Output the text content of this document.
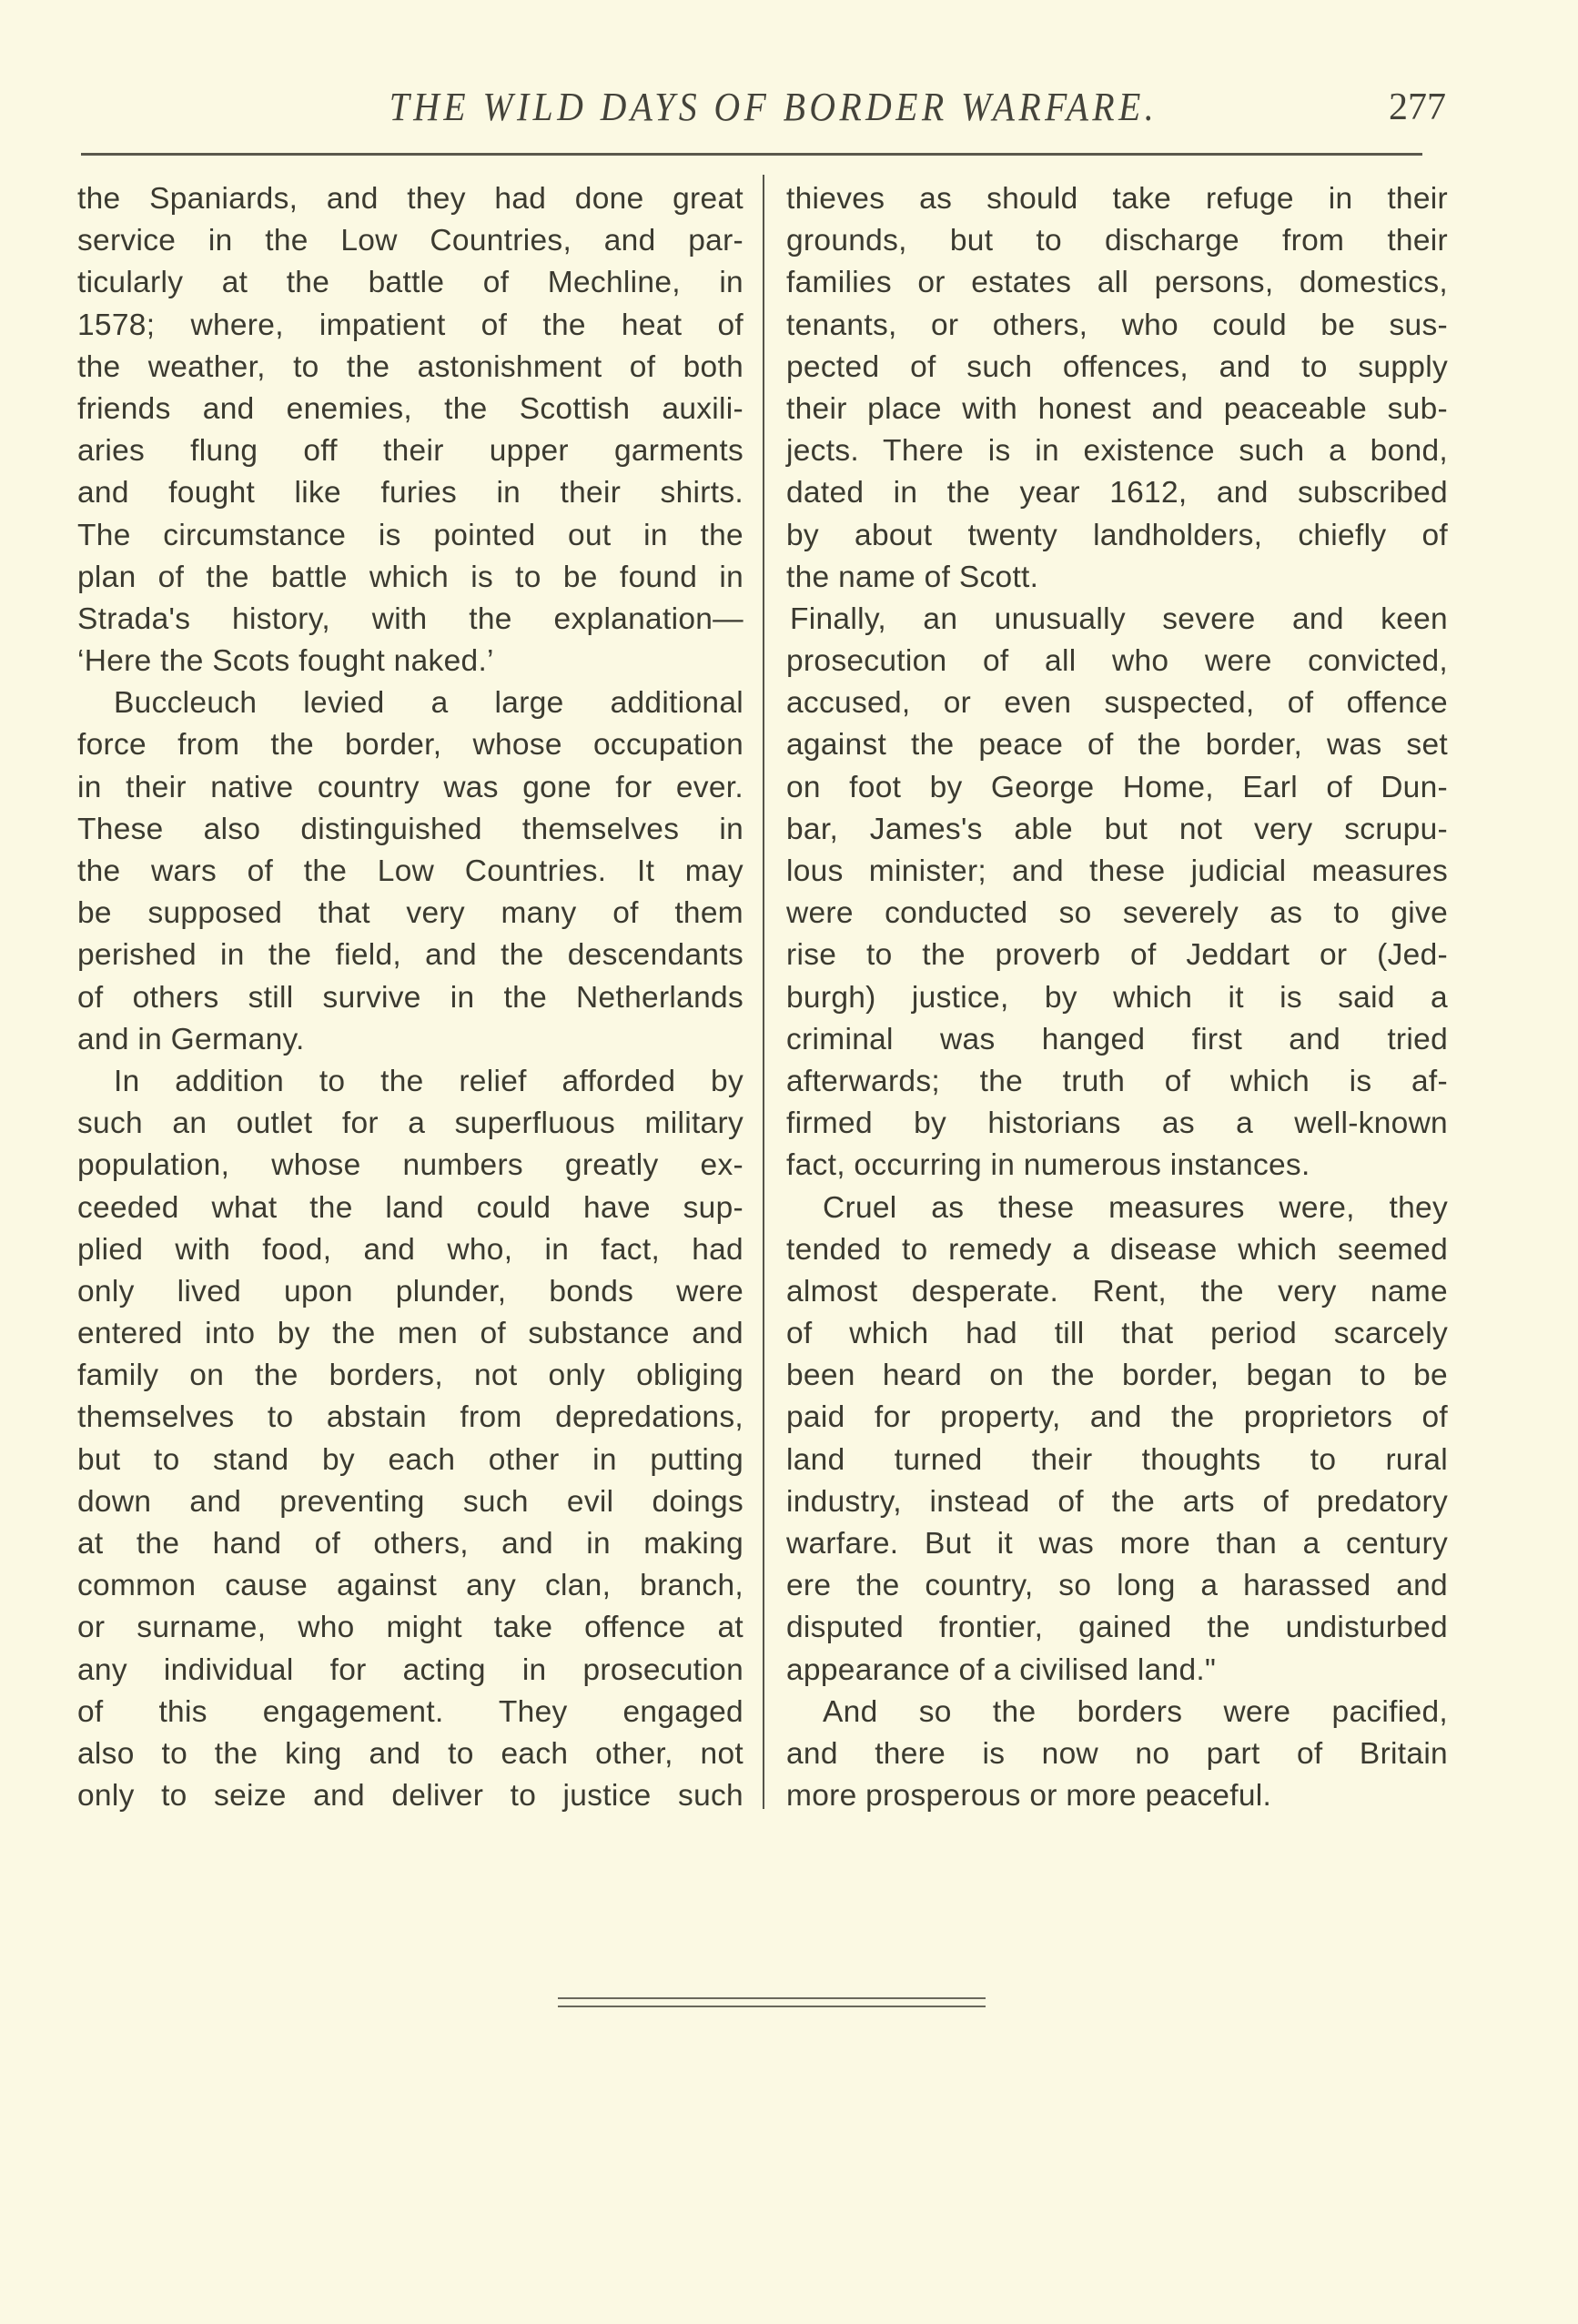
THE WILD DAYS OF BORDER WARFARE.	277
the Spaniards, and they had done great
service in the Low Countries, and par-
ticularly at the battle of Mechline, in
1578; where, impatient of the heat of
the weather, to the astonishment of both
friends and enemies, the Scottish auxili-
aries flung off their upper garments
and fought like furies in their shirts.
The circumstance is pointed out in the
plan of the battle which is to be found in
Strada's history, with the explanation—
‘Here the Scots fought naked.’
Buccleuch levied a large additional
force from the border, whose occupation
in their native country was gone for ever.
These also distinguished themselves in
the wars of the Low Countries. It may
be supposed that very many of them
perished in the field, and the descendants
of others still survive in the Netherlands
and in Germany.
In addition to the relief afforded by
such an outlet for a superfluous military
population, whose numbers greatly ex-
ceeded what the land could have sup-
plied with food, and who, in fact, had
only lived upon plunder, bonds were
entered into by the men of substance and
family on the borders, not only obliging
themselves to abstain from depredations,
but to stand by each other in putting
down and preventing such evil doings
at the hand of others, and in making
common cause against any clan, branch,
or surname, who might take offence at
any individual for acting in prosecution
of this engagement. They engaged
also to the king and to each other, not
only to seize and deliver to justice such
thieves as should take refuge in their
grounds, but to discharge from their
families or estates all persons, domestics,
tenants, or others, who could be sus-
pected of such offences, and to supply
their place with honest and peaceable sub-
jects. There is in existence such a bond,
dated in the year 1612, and subscribed
by about twenty landholders, chiefly of
the name of Scott.
Finally, an unusually severe and keen
prosecution of all who were convicted,
accused, or even suspected, of offence
against the peace of the border, was set
on foot by George Home, Earl of Dun-
bar, James's able but not very scrupu-
lous minister; and these judicial measures
were conducted so severely as to give
rise to the proverb of Jeddart or (Jed-
burgh) justice, by which it is said a
criminal was hanged first and tried
afterwards; the truth of which is af-
firmed by historians as a well-known
fact, occurring in numerous instances.
Cruel as these measures were, they
tended to remedy a disease which seemed
almost desperate. Rent, the very name
of which had till that period scarcely
been heard on the border, began to be
paid for property, and the proprietors of
land turned their thoughts to rural
industry, instead of the arts of predatory
warfare. But it was more than a century
ere the country, so long a harassed and
disputed frontier, gained the undisturbed
appearance of a civilised land."
And so the borders were pacified,
and there is now no part of Britain
more prosperous or more peaceful.
